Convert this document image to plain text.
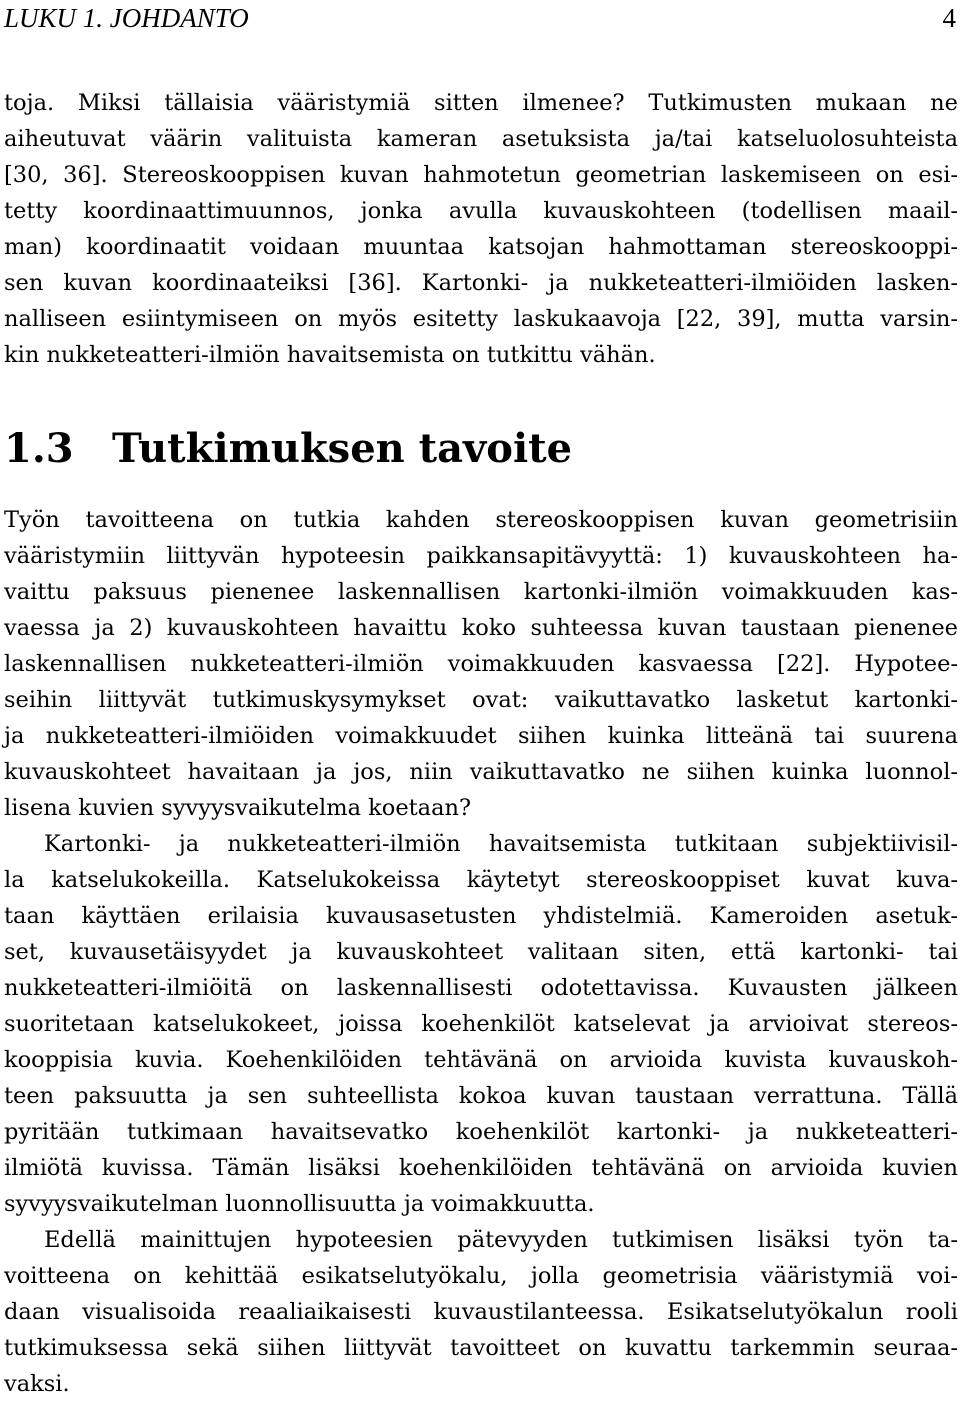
LUKU 1. JOHDANTO	4
toja. Miksi tällaisia vääristymiä sitten ilmenee? Tutkimusten mukaan ne
aiheutuvat väärin valituista kameran asetuksista ja/tai katseluolosuhteista
[30, 36]. Stereoskooppisen kuvan hahmotetun geometrian laskemiseen on esi-
tetty koordinaattimuunnos, jonka avulla kuvauskohteen (todellisen maail-
man) koordinaatit voidaan muuntaa katsojan hahmottaman stereoskooppi-
sen kuvan koordinaateiksi [36]. Kartonki- ja nukketeatteri-ilmiöiden lasken-
nalliseen esiintymiseen on myös esitetty laskukaavoja [22, 39], mutta varsin-
kin nukketeatteri-ilmiön havaitsemista on tutkittu vähän.
1.3 Tutkimuksen tavoite
Työn tavoitteena on tutkia kahden stereoskooppisen kuvan geometrisiin
vääristymiin liittyvän hypoteesin paikkansapitävyyttä: 1) kuvauskohteen ha-
vaittu paksuus pienenee laskennallisen kartonki-ilmiön voimakkuuden kas-
vaessa ja 2) kuvauskohteen havaittu koko suhteessa kuvan taustaan pienenee
laskennallisen nukketeatteri-ilmiön voimakkuuden kasvaessa [22]. Hypotee-
seihin liittyvät tutkimuskysymykset ovat: vaikuttavatko lasketut kartonki-
ja nukketeatteri-ilmiöiden voimakkuudet siihen kuinka litteänä tai suurena
kuvauskohteet havaitaan ja jos, niin vaikuttavatko ne siihen kuinka luonnol-
lisena kuvien syvyysvaikutelma koetaan?
Kartonki- ja nukketeatteri-ilmiön havaitsemista tutkitaan subjektiivisil-
la katselukokeilla. Katselukokeissa käytetyt stereoskooppiset kuvat kuva-
taan käyttäen erilaisia kuvausasetusten yhdistelmiä. Kameroiden asetuk-
set, kuvausetäisyydet ja kuvauskohteet valitaan siten, että kartonki- tai
nukketeatteri-ilmiöitä on laskennallisesti odotettavissa. Kuvausten jälkeen
suoritetaan katselukokeet, joissa koehenkilöt katselevat ja arvioivat stereos-
kooppisia kuvia. Koehenkilöiden tehtävänä on arvioida kuvista kuvauskoh-
teen paksuutta ja sen suhteellista kokoa kuvan taustaan verrattuna. Tällä
pyritään tutkimaan havaitsevatko koehenkilöt kartonki- ja nukketeatteri-
ilmiötä kuvissa. Tämän lisäksi koehenkilöiden tehtävänä on arvioida kuvien
syvyysvaikutelman luonnollisuutta ja voimakkuutta.
Edellä mainittujen hypoteesien pätevyyden tutkimisen lisäksi työn ta-
voitteena on kehittää esikatselutyökalu, jolla geometrisia vääristymiä voi-
daan visualisoida reaaliaikaisesti kuvaustilanteessa. Esikatselutyökalun rooli
tutkimuksessa sekä siihen liittyvät tavoitteet on kuvattu tarkemmin seuraa-
vaksi.
